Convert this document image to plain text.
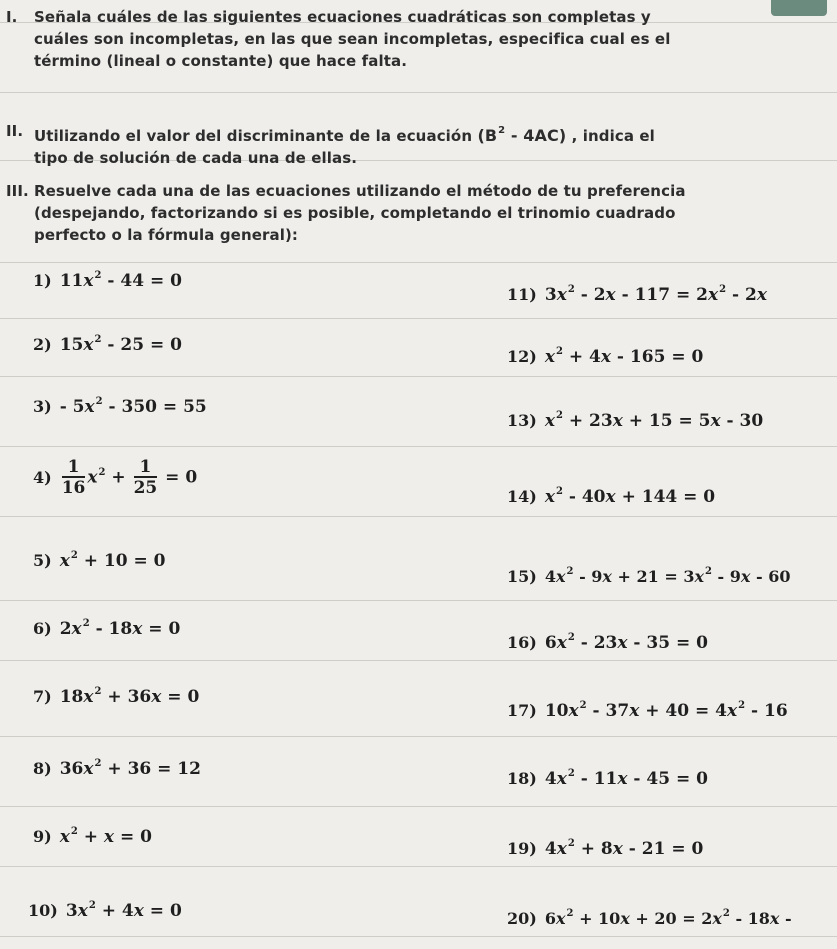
I.	Señala cuáles de las siguientes ecuaciones cuadráticas son completas y
cuáles son incompletas, en las que sean incompletas, especifica cual es el
término (lineal o constante) que hace falta.
II. Utilizando el valor del discriminante de la ecuación $(B^2 - 4AC)$ , indica el
tipo de solución de cada una de ellas.
III. Resuelve cada una de las ecuaciones utilizando el método de tu preferencia
(despejando, factorizando si es posible, completando el trinomio cuadrado
perfecto o la fórmula general):
1) $11x^2 - 44 = 0$
2) $15x^2 - 25 = 0$
$3) - 5x^2 - 350 = 55$
$4) \frac{1}{16} x^2 + \frac{1}{25} = 0$
5) $x^2 + 10 = 0$
6) $2x^2 - 18x = 0$
7) $18x^2 + 36x = 0$
8) $36x^2 + 36 = 12$
9) $x^2 + x = 0$
10) $3x^2 + 4x = 0$
11) $3x^2 - 2x - 117 = 2x^2 - 2x$
12) $x^2 + 4x - 165 = 0$
13) $x^2 + 23x + 15 = 5x - 30$
14) $x^2 - 40x + 144 = 0$
15) $4x^2 - 9x + 21 = 3x^2 - 9x - 60$
16) $6x^2 - 23x - 35 = 0$
17) $10x^2 - 37x + 40 = 4x^2 - 16$
18) $4x^2 - 11x - 45 = 0$
19) $4x^2 + 8x - 21 = 0$
20) $6x^2 + 10x + 20 = 2x^2 - 18x$ -
